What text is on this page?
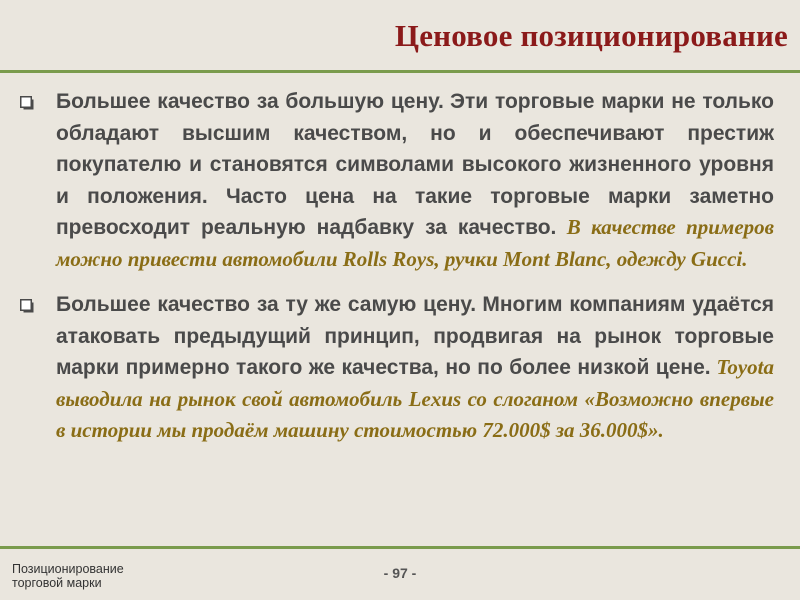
Ценовое позиционирование

Большее качество за большую цену. Эти торговые марки не только обладают высшим качеством, но и обеспечивают престиж покупателю и становятся символами высокого жизненного уровня и положения. Часто цена на такие торговые марки заметно превосходит реальную надбавку за качество. В качестве примеров можно привести автомобили Rolls Roys, ручки Mont Blanc, одежду Gucci.

Большее качество за ту же самую цену. Многим компаниям удаётся атаковать предыдущий принцип, продвигая на рынок торговые марки примерно такого же качества, но по более низкой цене. Toyota выводила на рынок свой автомобиль Lexus со слоганом «Возможно впервые в истории мы продаём машину стоимостью 72.000$ за 36.000$».

Позиционирование
торговой марки
- 97 -
